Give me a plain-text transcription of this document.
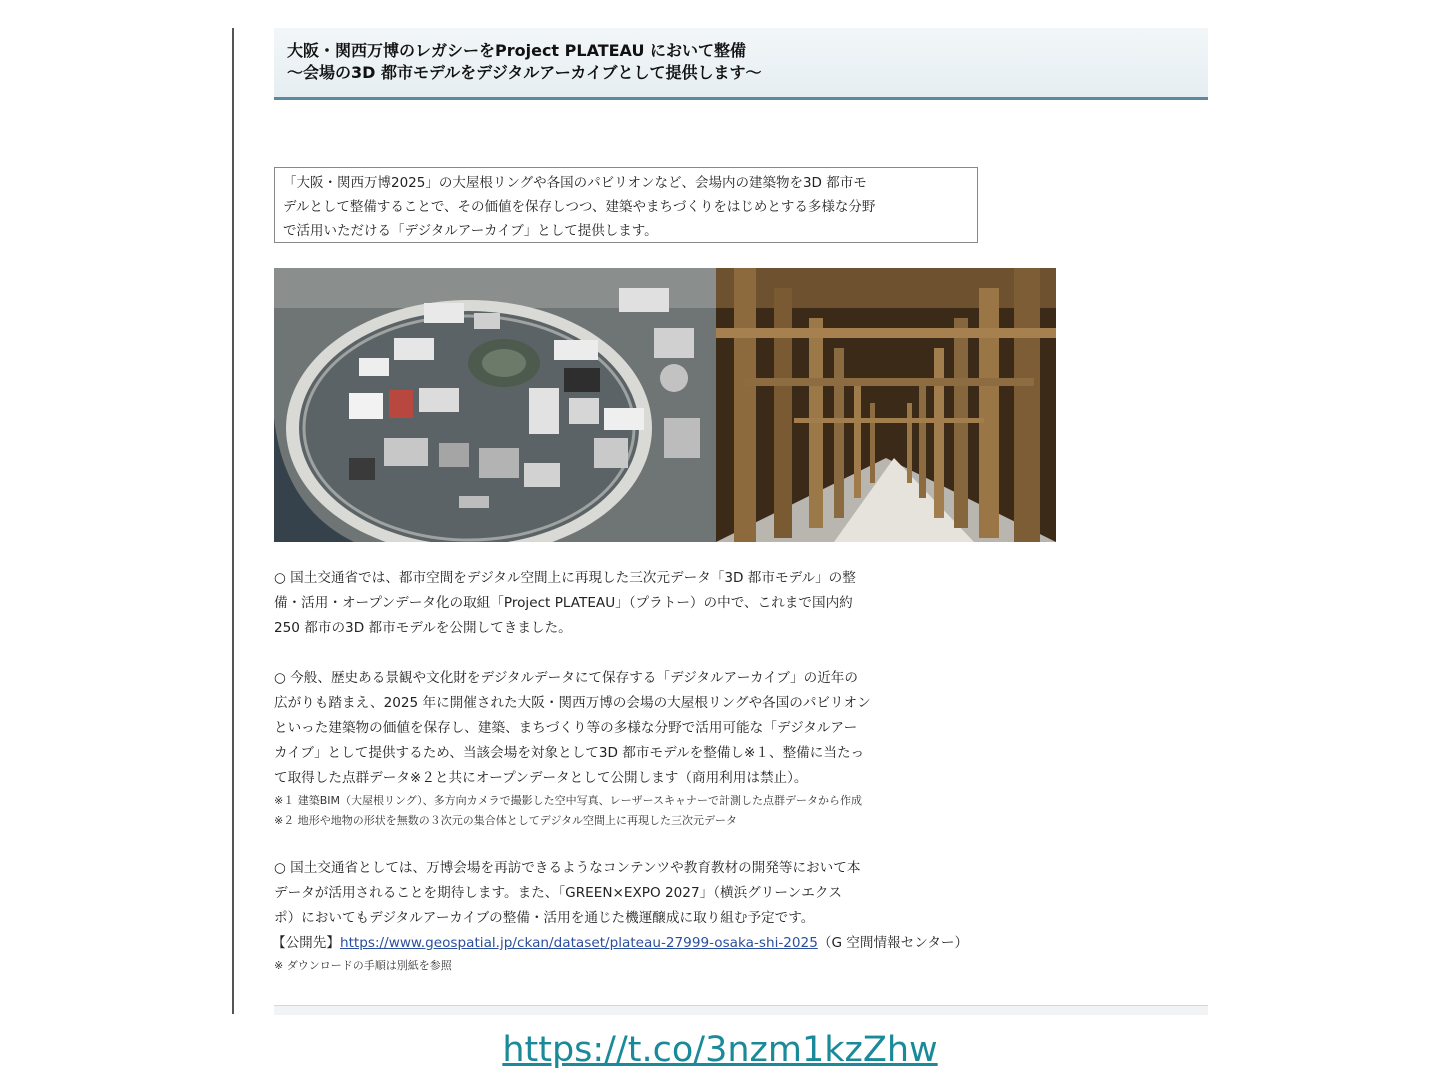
大阪・関西万博のレガシーをProject PLATEAU において整備
～会場の3D 都市モデルをデジタルアーカイブとして提供します～
「大阪・関西万博2025」の大屋根リングや各国のパビリオンなど、会場内の建築物を3D 都市モ
デルとして整備することで、その価値を保存しつつ、建築やまちづくりをはじめとする多様な分野
で活用いただける「デジタルアーカイブ」として提供します。
○ 国土交通省では、都市空間をデジタル空間上に再現した三次元データ「3D 都市モデル」の整
備・活用・オープンデータ化の取組「Project PLATEAU」（プラトー）の中で、これまで国内約
250 都市の3D 都市モデルを公開してきました。
○ 今般、歴史ある景観や文化財をデジタルデータにて保存する「デジタルアーカイブ」の近年の
広がりも踏まえ、2025 年に開催された大阪・関西万博の会場の大屋根リングや各国のパビリオン
といった建築物の価値を保存し、建築、まちづくり等の多様な分野で活用可能な「デジタルアー
カイブ」として提供するため、当該会場を対象として3D 都市モデルを整備し※１、整備に当たっ
て取得した点群データ※２と共にオープンデータとして公開します（商用利用は禁止）。
※１ 建築BIM（大屋根リング）、多方向カメラで撮影した空中写真、レーザースキャナーで計測した点群データから作成
※２ 地形や地物の形状を無数の３次元の集合体としてデジタル空間上に再現した三次元データ
○ 国土交通省としては、万博会場を再訪できるようなコンテンツや教育教材の開発等において本
データが活用されることを期待します。また、「GREEN×EXPO 2027」（横浜グリーンエクス
ポ）においてもデジタルアーカイブの整備・活用を通じた機運醸成に取り組む予定です。
【公開先】https://www.geospatial.jp/ckan/dataset/plateau-27999-osaka-shi-2025（G 空間情報センター）
※ ダウンロードの手順は別紙を参照
https://t.co/3nzm1kzZhw
